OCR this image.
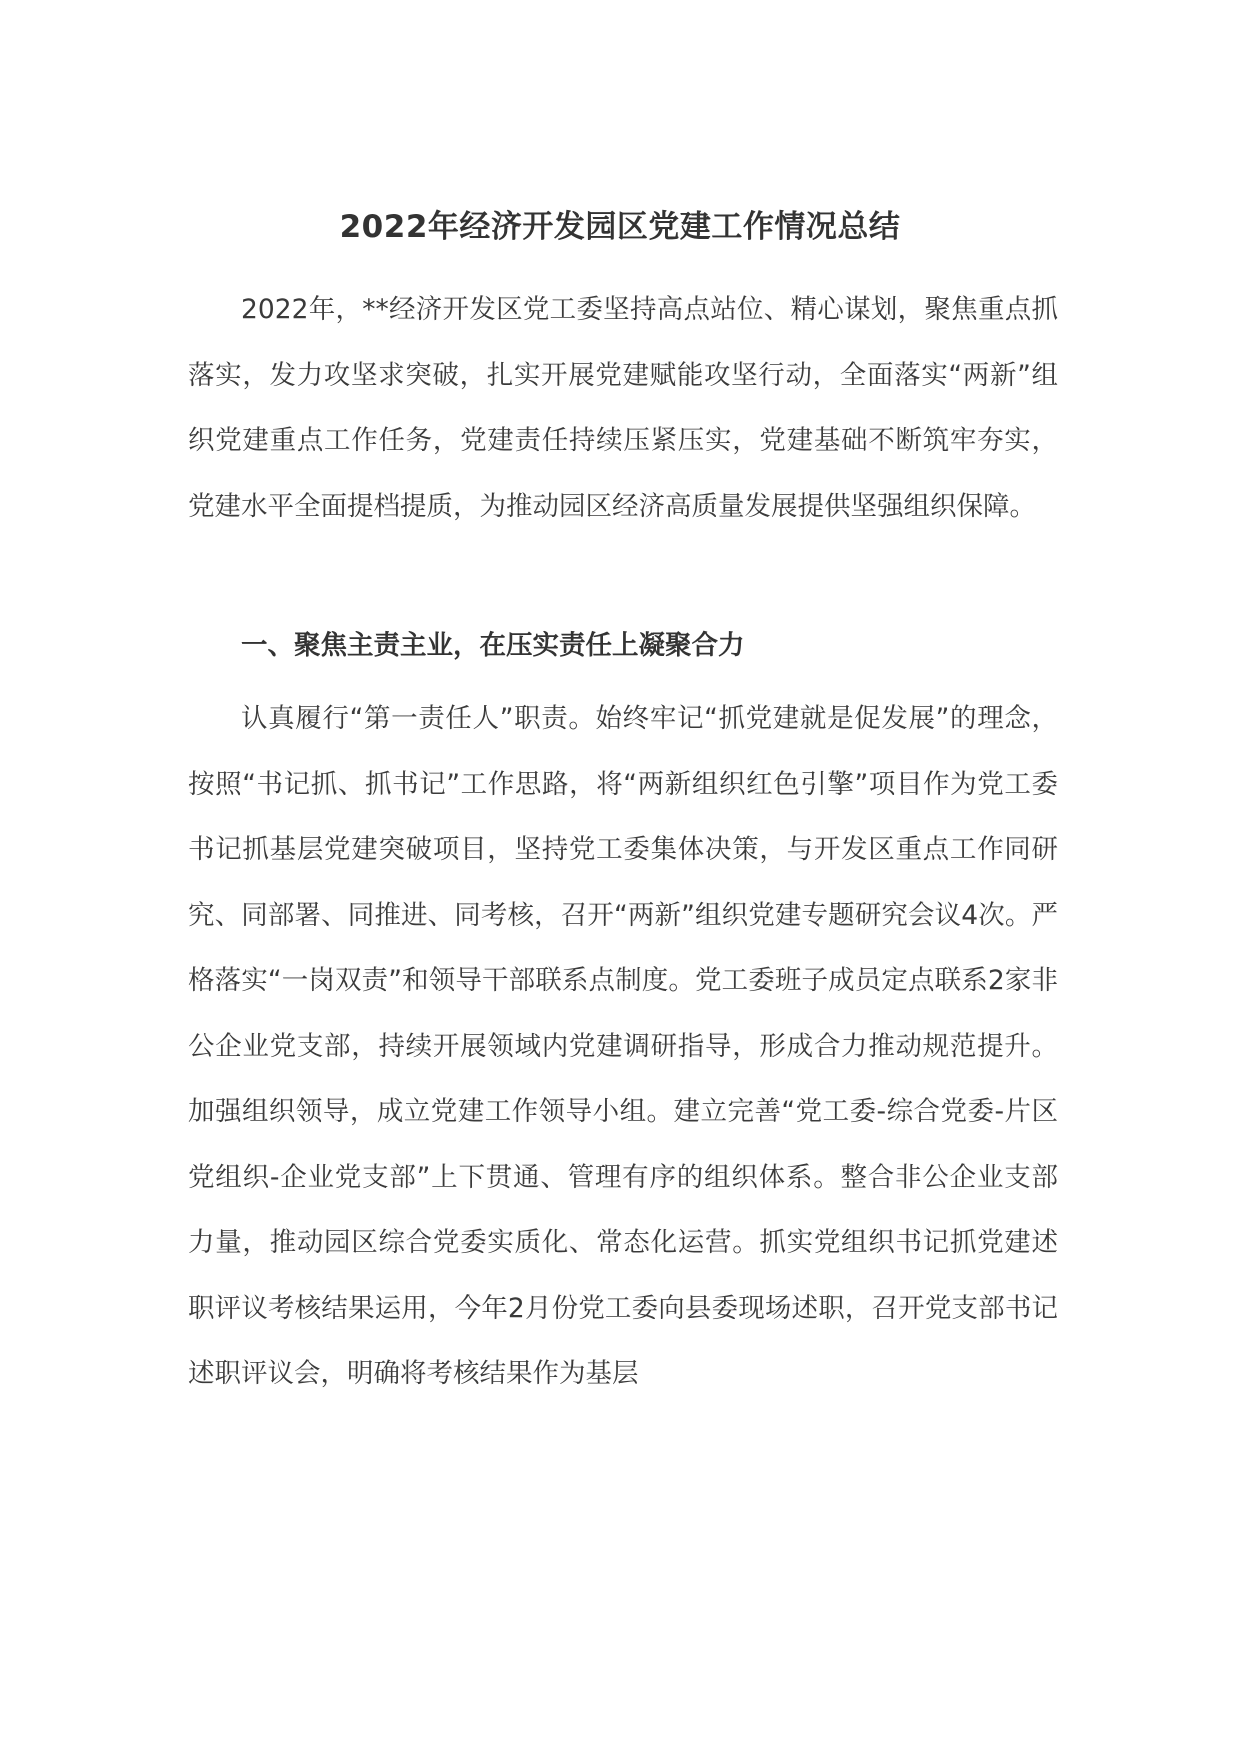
2022年经济开发园区党建工作情况总结

2022年，**经济开发区党工委坚持高点站位、精心谋划，聚焦重点抓落实，发力攻坚求突破，扎实开展党建赋能攻坚行动，全面落实“两新”组织党建重点工作任务，党建责任持续压紧压实，党建基础不断筑牢夯实，党建水平全面提档提质，为推动园区经济高质量发展提供坚强组织保障。

一、聚焦主责主业，在压实责任上凝聚合力

认真履行“第一责任人”职责。始终牢记“抓党建就是促发展”的理念，按照“书记抓、抓书记”工作思路，将“两新组织红色引擎”项目作为党工委书记抓基层党建突破项目，坚持党工委集体决策，与开发区重点工作同研究、同部署、同推进、同考核，召开“两新”组织党建专题研究会议4次。严格落实“一岗双责”和领导干部联系点制度。党工委班子成员定点联系2家非公企业党支部，持续开展领域内党建调研指导，形成合力推动规范提升。加强组织领导，成立党建工作领导小组。建立完善“党工委-综合党委-片区党组织-企业党支部”上下贯通、管理有序的组织体系。整合非公企业支部力量，推动园区综合党委实质化、常态化运营。抓实党组织书记抓党建述职评议考核结果运用，今年2月份党工委向县委现场述职，召开党支部书记述职评议会，明确将考核结果作为基层
